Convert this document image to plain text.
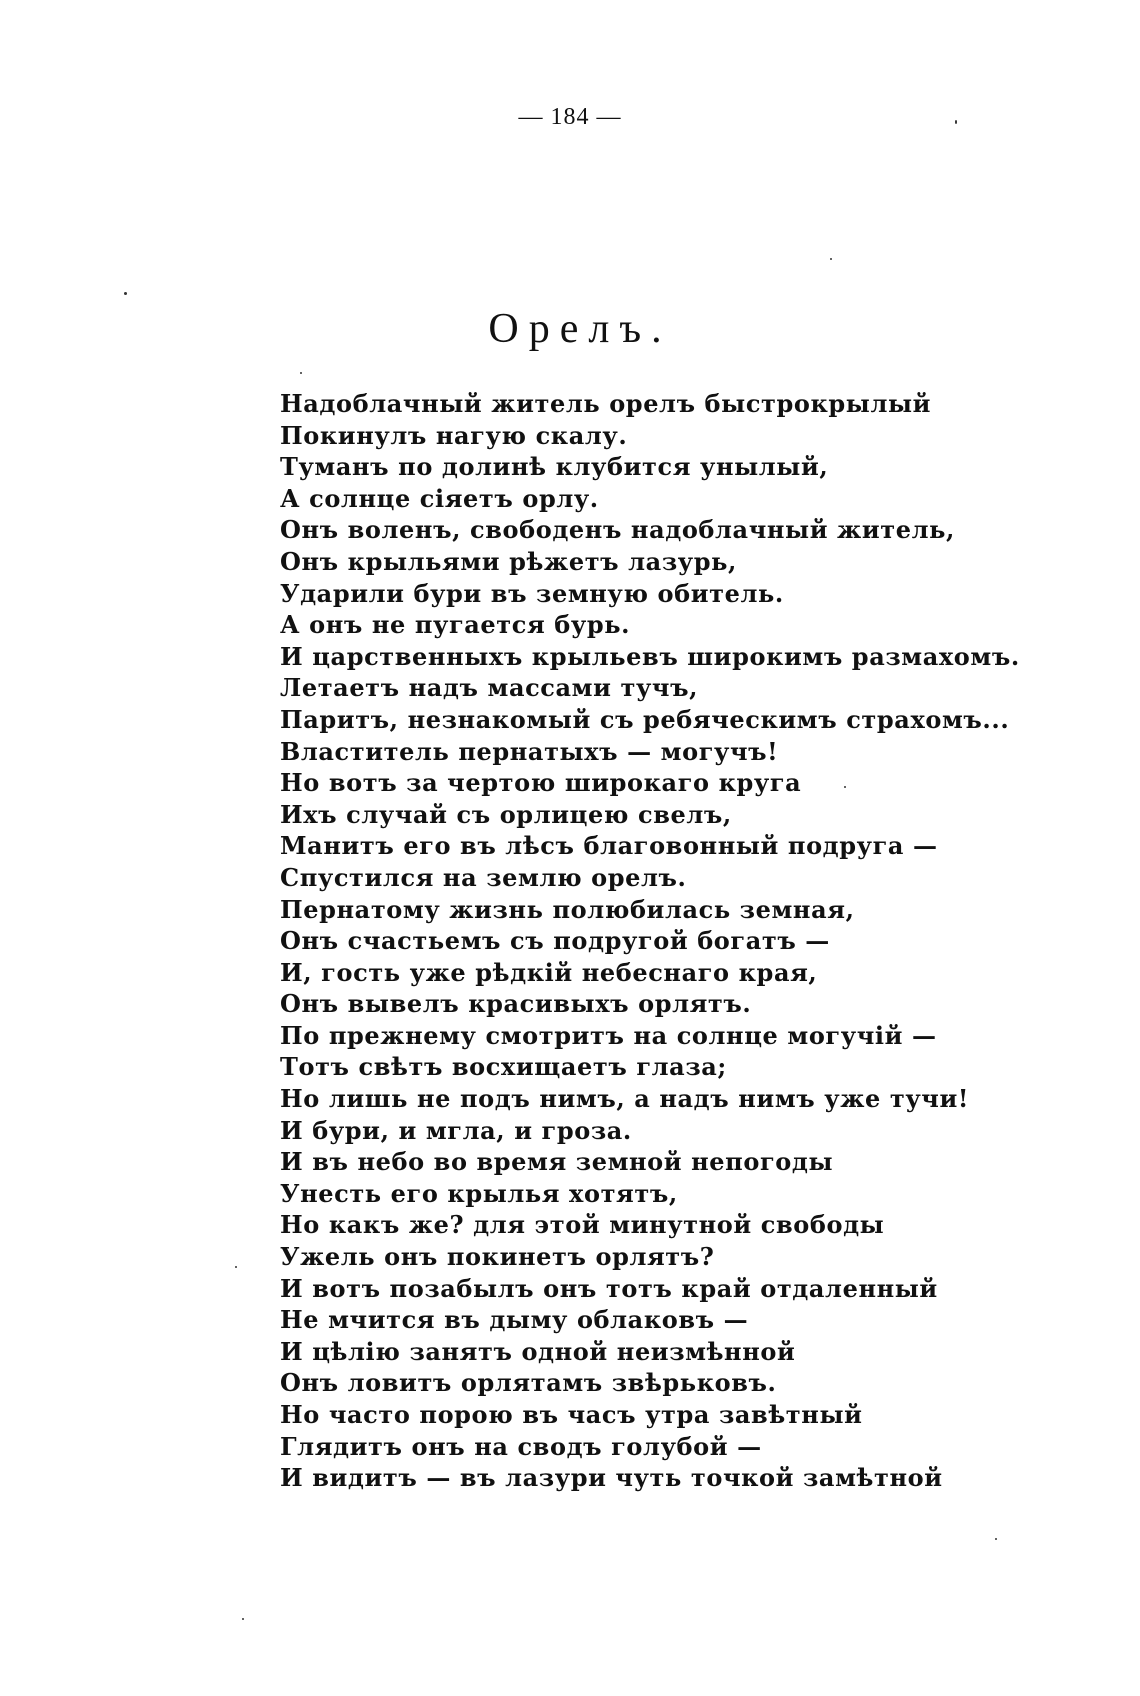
— 184 —
Орелъ.
Надоблачный житель орелъ быстрокрылый
Покинулъ нагую скалу.
Туманъ по долинѣ клубится унылый,
А солнце сіяетъ орлу.
Онъ воленъ, свободенъ надоблачный житель,
Онъ крыльями рѣжетъ лазурь,
Ударили бури въ земную обитель.
А онъ не пугается бурь.
И царственныхъ крыльевъ широкимъ размахомъ.
Летаетъ надъ массами тучъ,
Паритъ, незнакомый съ ребяческимъ страхомъ...
Властитель пернатыхъ — могучъ!
Но вотъ за чертою широкаго круга
Ихъ случай съ орлицею свелъ,
Манитъ его въ лѣсъ благовонный подруга —
Спустился на землю орелъ.
Пернатому жизнь полюбилась земная,
Онъ счастьемъ съ подругой богатъ —
И, гость уже рѣдкій небеснаго края,
Онъ вывелъ красивыхъ орлятъ.
По прежнему смотритъ на солнце могучій —
Тотъ свѣтъ восхищаетъ глаза;
Но лишь не подъ нимъ, а надъ нимъ уже тучи!
И бури, и мгла, и гроза.
И въ небо во время земной непогоды
Унесть его крылья хотятъ,
Но какъ же? для этой минутной свободы
Ужель онъ покинетъ орлятъ?
И вотъ позабылъ онъ тотъ край отдаленный
Не мчится въ дыму облаковъ —
И цѣлію занятъ одной неизмѣнной
Онъ ловитъ орлятамъ звѣрьковъ.
Но часто порою въ часъ утра завѣтный
Глядитъ онъ на сводъ голубой —
И видитъ — въ лазури чуть точкой замѣтной
